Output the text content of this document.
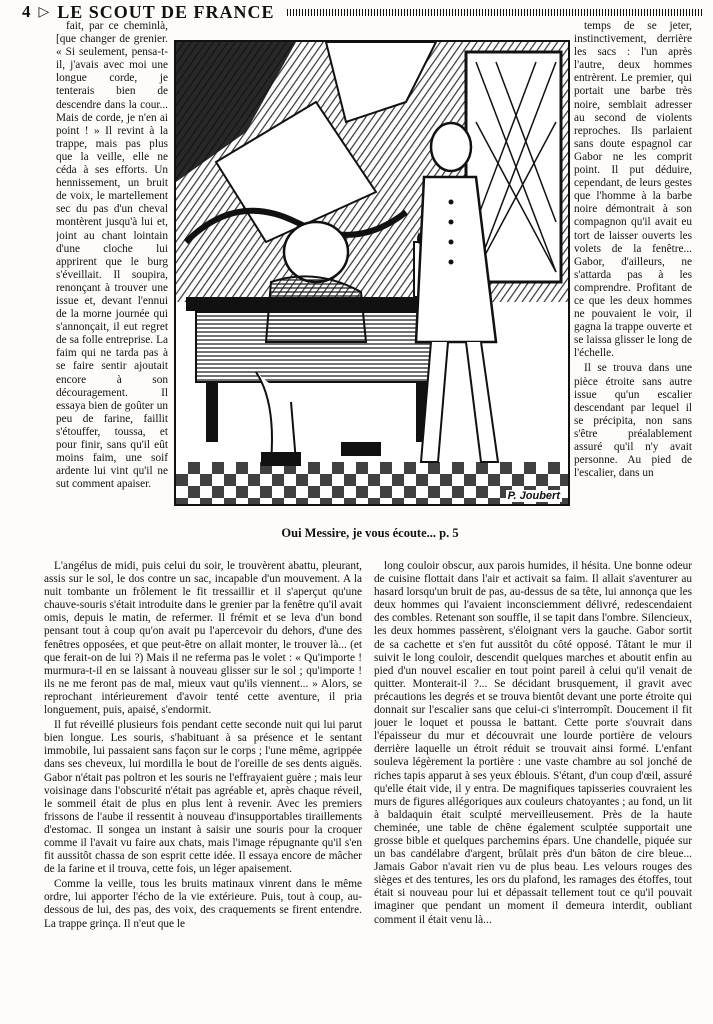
4 ▷ LE SCOUT DE FRANCE

fait, par ce cheminlà, [que changer de grenier. « Si seulement, pensa-t-il, j'avais avec moi une longue corde, je tenterais bien de descendre dans la cour... Mais de corde, je n'en ai point ! » Il revint à la trappe, mais pas plus que la veille, elle ne céda à ses efforts. Un hennissement, un bruit de voix, le martellement sec du pas d'un cheval montèrent jusqu'à lui et, joint au chant lointain d'une cloche lui apprirent que le burg s'éveillait. Il soupira, renonçant à trouver une issue et, devant l'ennui de la morne journée qui s'annonçait, il eut regret de sa folle entreprise. La faim qui ne tarda pas à se faire sentir ajoutait encore à son découragement. Il essaya bien de goûter un peu de farine, faillit s'étouffer, toussa, et pour finir, sans qu'il eût moins faim, une soif ardente lui vint qu'il ne sut comment apaiser.

P. Joubert
Oui Messire, je vous écoute... p. 5

temps de se jeter, instinctivement, derrière les sacs : l'un après l'autre, deux hommes entrèrent. Le premier, qui portait une barbe très noire, semblait adresser au second de violents reproches. Ils parlaient sans doute espagnol car Gabor ne les comprit point. Il put déduire, cependant, de leurs gestes que l'homme à la barbe noire démontrait à son compagnon qu'il avait eu tort de laisser ouverts les volets de la fenêtre... Gabor, d'ailleurs, ne s'attarda pas à les comprendre. Profitant de ce que les deux hommes ne pouvaient le voir, il gagna la trappe ouverte et se laissa glisser le long de l'échelle.

Il se trouva dans une pièce étroite sans autre issue qu'un escalier descendant par lequel il se précipita, non sans s'être préalablement assuré qu'il n'y avait personne. Au pied de l'escalier, dans un

L'angélus de midi, puis celui du soir, le trouvèrent abattu, pleurant, assis sur le sol, le dos contre un sac, incapable d'un mouvement. A la nuit tombante un frôlement le fit tressaillir et il s'aperçut qu'une chauve-souris s'était introduite dans le grenier par la fenêtre qu'il avait omis, depuis le matin, de refermer. Il frémit et se leva d'un bond pensant tout à coup qu'on avait pu l'apercevoir du dehors, d'une des fenêtres opposées, et que peut-être on allait monter, le trouver là... (et que ferait-on de lui ?) Mais il ne referma pas le volet : « Qu'importe ! murmura-t-il en se laissant à nouveau glisser sur le sol ; qu'importe ! ils ne me feront pas de mal, mieux vaut qu'ils viennent... » Alors, se reprochant intérieurement d'avoir tenté cette aventure, il pria longuement, puis, apaisé, s'endormit.

Il fut réveillé plusieurs fois pendant cette seconde nuit qui lui parut bien longue. Les souris, s'habituant à sa présence et le sentant immobile, lui passaient sans façon sur le corps ; l'une même, agrippée dans ses cheveux, lui mordilla le bout de l'oreille de ses dents aiguës. Gabor n'était pas poltron et les souris ne l'effrayaient guère ; mais leur voisinage dans l'obscurité n'était pas agréable et, après chaque réveil, le sommeil était de plus en plus lent à revenir. Avec les premiers frissons de l'aube il ressentit à nouveau d'insupportables tiraillements d'estomac. Il songea un instant à saisir une souris pour la croquer comme il l'avait vu faire aux chats, mais l'image répugnante qu'il s'en fit aussitôt chassa de son esprit cette idée. Il essaya encore de mâcher de la farine et il trouva, cette fois, un léger apaisement.

Comme la veille, tous les bruits matinaux vinrent dans le même ordre, lui apporter l'écho de la vie extérieure. Puis, tout à coup, au-dessous de lui, des pas, des voix, des craquements se firent entendre. La trappe grinça. Il n'eut que le

long couloir obscur, aux parois humides, il hésita. Une bonne odeur de cuisine flottait dans l'air et activait sa faim. Il allait s'aventurer au hasard lorsqu'un bruit de pas, au-dessus de sa tête, lui annonça que les deux hommes qui l'avaient inconsciemment délivré, redescendaient des combles. Retenant son souffle, il se tapit dans l'ombre. Silencieux, les deux hommes passèrent, s'éloignant vers la gauche. Gabor sortit de sa cachette et s'en fut aussitôt du côté opposé. Tâtant le mur il suivit le long couloir, descendit quelques marches et aboutit enfin au pied d'un nouvel escalier en tout point pareil à celui qu'il venait de quitter. Monterait-il ?... Se décidant brusquement, il gravit avec précautions les degrés et se trouva bientôt devant une porte étroite qui donnait sur l'escalier sans que celui-ci s'interrompît. Doucement il fit jouer le loquet et poussa le battant. Cette porte s'ouvrait dans l'épaisseur du mur et découvrait une lourde portière de velours derrière laquelle un étroit réduit se trouvait ainsi formé. L'enfant souleva légèrement la portière : une vaste chambre au sol jonché de riches tapis apparut à ses yeux éblouis. S'étant, d'un coup d'œil, assuré qu'elle était vide, il y entra. De magnifiques tapisseries couvraient les murs de figures allégoriques aux couleurs chatoyantes ; au fond, un lit à baldaquin était sculpté merveilleusement. Près de la haute cheminée, une table de chêne également sculptée supportait une grosse bible et quelques parchemins épars. Une chandelle, piquée sur un bas candélabre d'argent, brûlait près d'un bâton de cire bleue... Jamais Gabor n'avait rien vu de plus beau. Les velours rouges des sièges et des tentures, les ors du plafond, les ramages des étoffes, tout était si nouveau pour lui et dépassait tellement tout ce qu'il pouvait imaginer que pendant un moment il demeura interdit, oubliant comment il était venu là...
